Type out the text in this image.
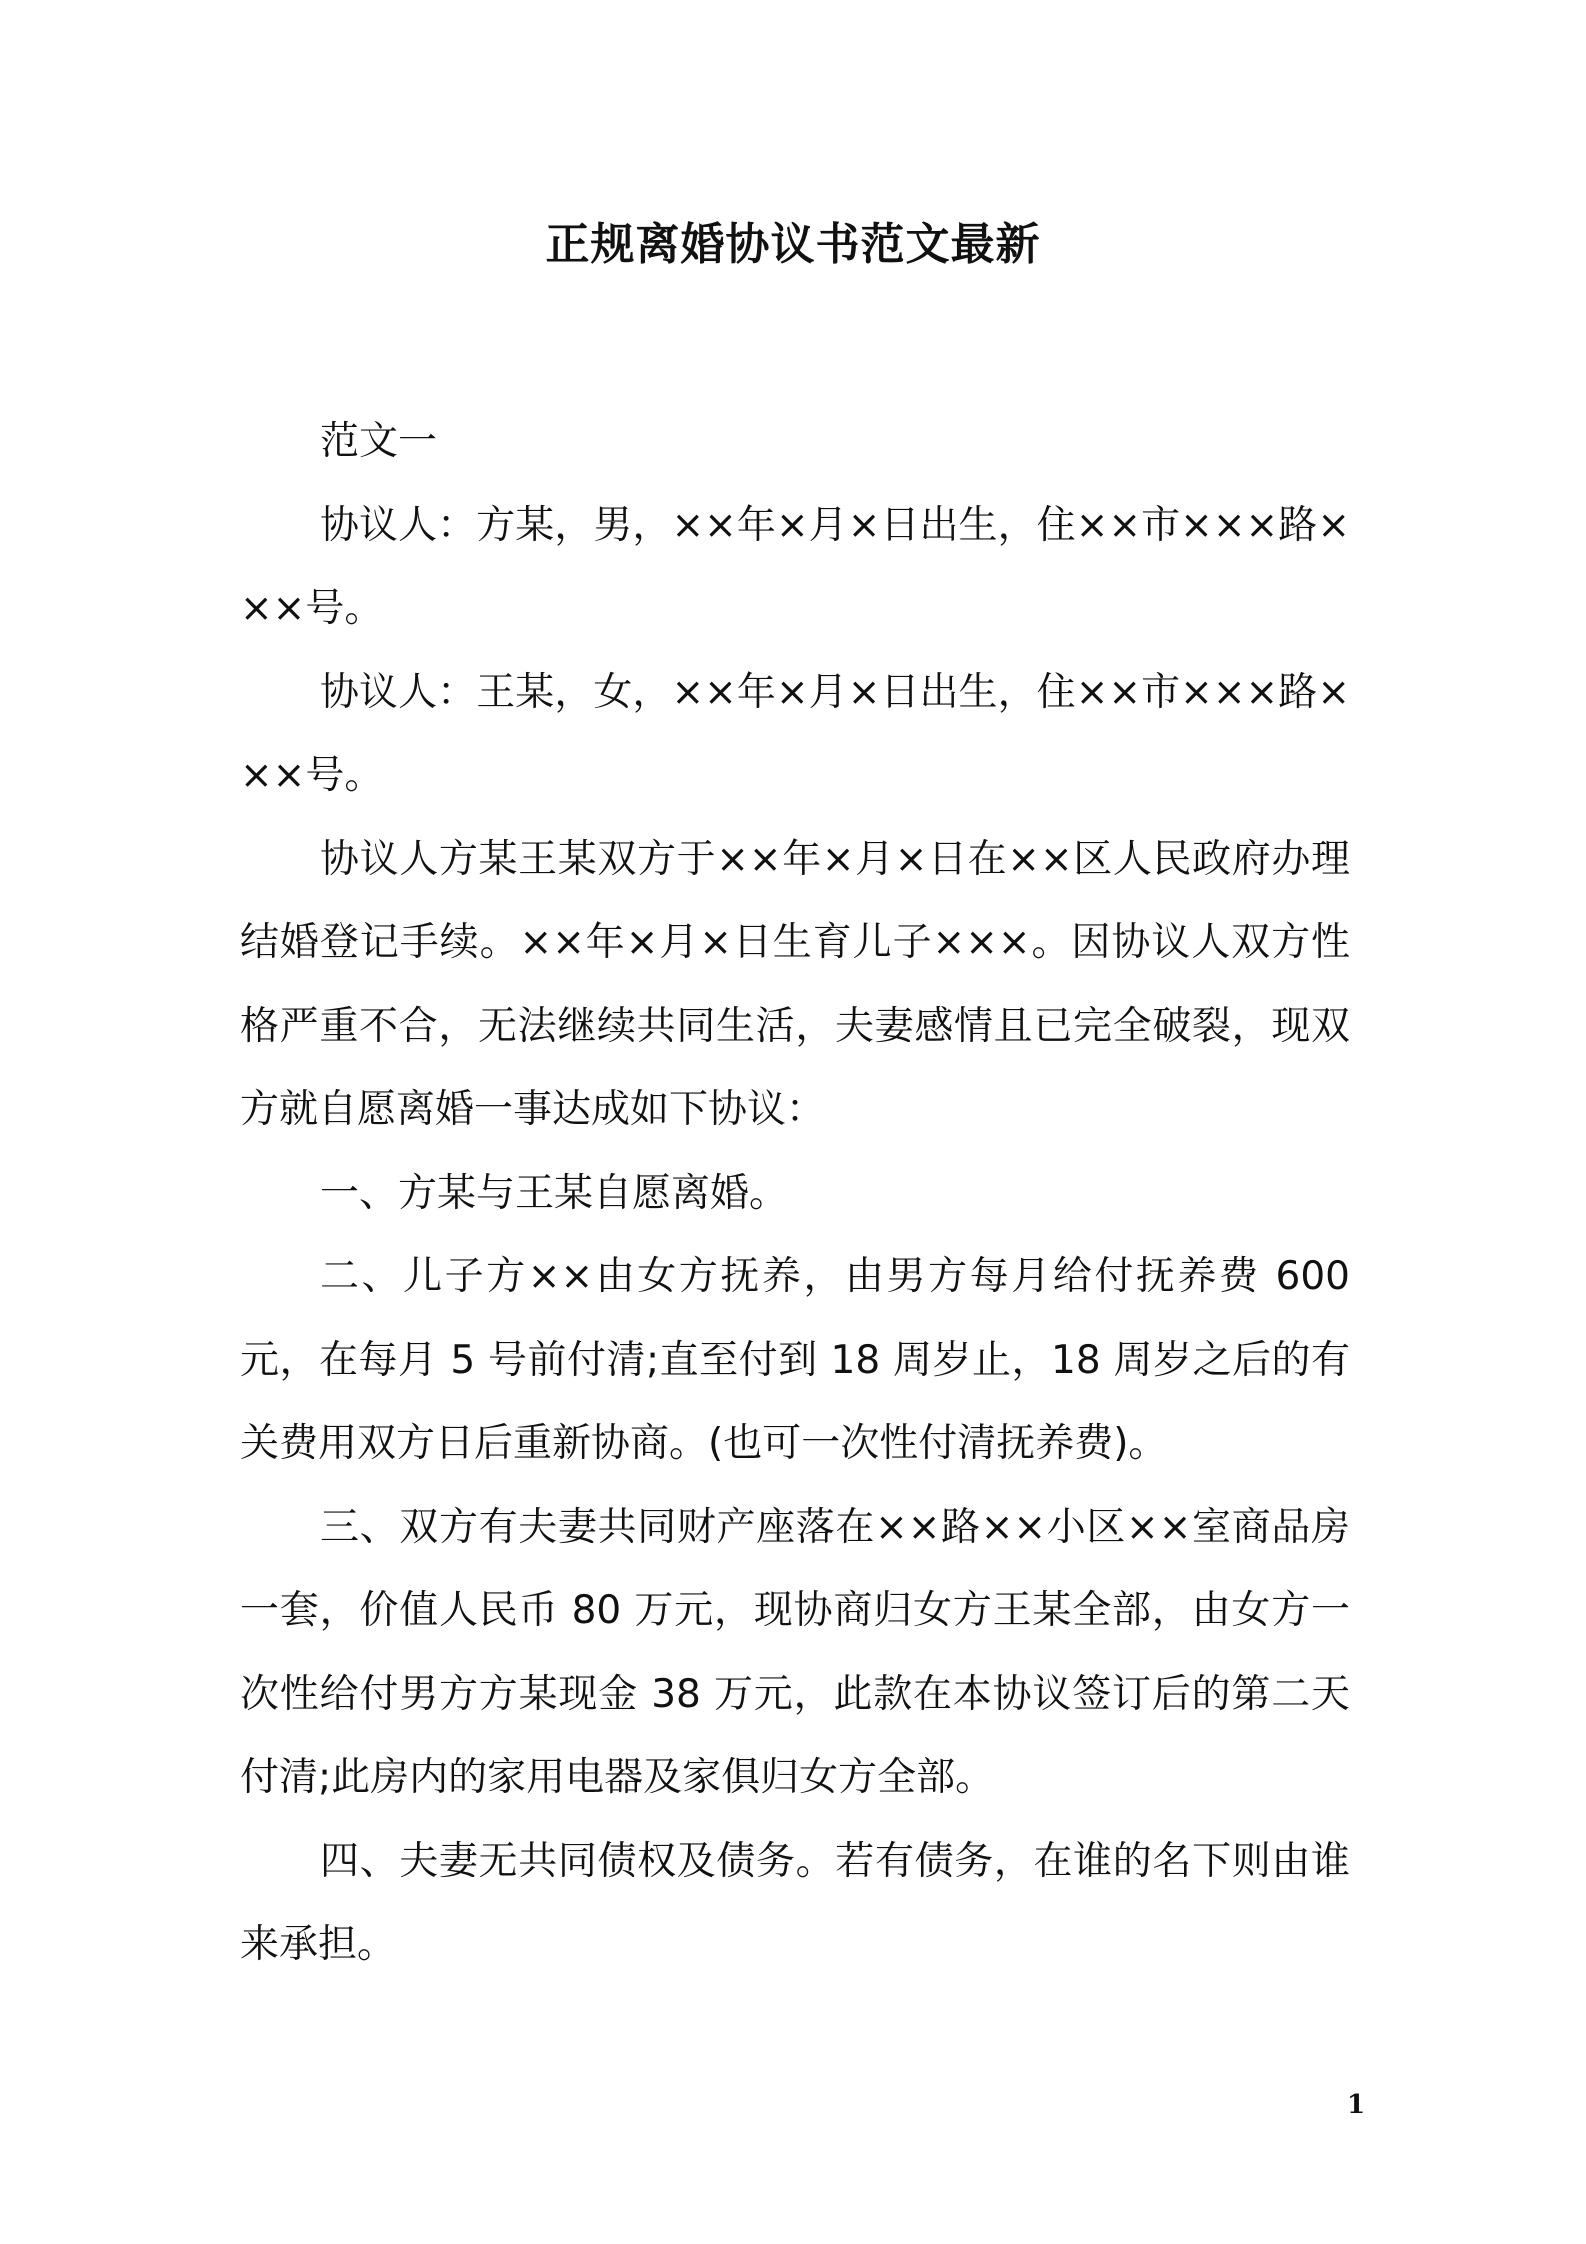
正规离婚协议书范文最新

范文一

协议人：方某，男，××年×月×日出生，住××市×××路×××号。

协议人：王某，女，××年×月×日出生，住××市×××路×××号。

协议人方某王某双方于××年×月×日在××区人民政府办理结婚登记手续。××年×月×日生育儿子×××。因协议人双方性格严重不合，无法继续共同生活，夫妻感情且已完全破裂，现双方就自愿离婚一事达成如下协议：

一、方某与王某自愿离婚。

二、儿子方××由女方抚养，由男方每月给付抚养费 600 元，在每月 5 号前付清;直至付到 18 周岁止，18 周岁之后的有关费用双方日后重新协商。(也可一次性付清抚养费)。

三、双方有夫妻共同财产座落在××路××小区××室商品房一套，价值人民币 80 万元，现协商归女方王某全部，由女方一次性给付男方方某现金 38 万元，此款在本协议签订后的第二天付清;此房内的家用电器及家俱归女方全部。

四、夫妻无共同债权及债务。若有债务，在谁的名下则由谁来承担。

1
